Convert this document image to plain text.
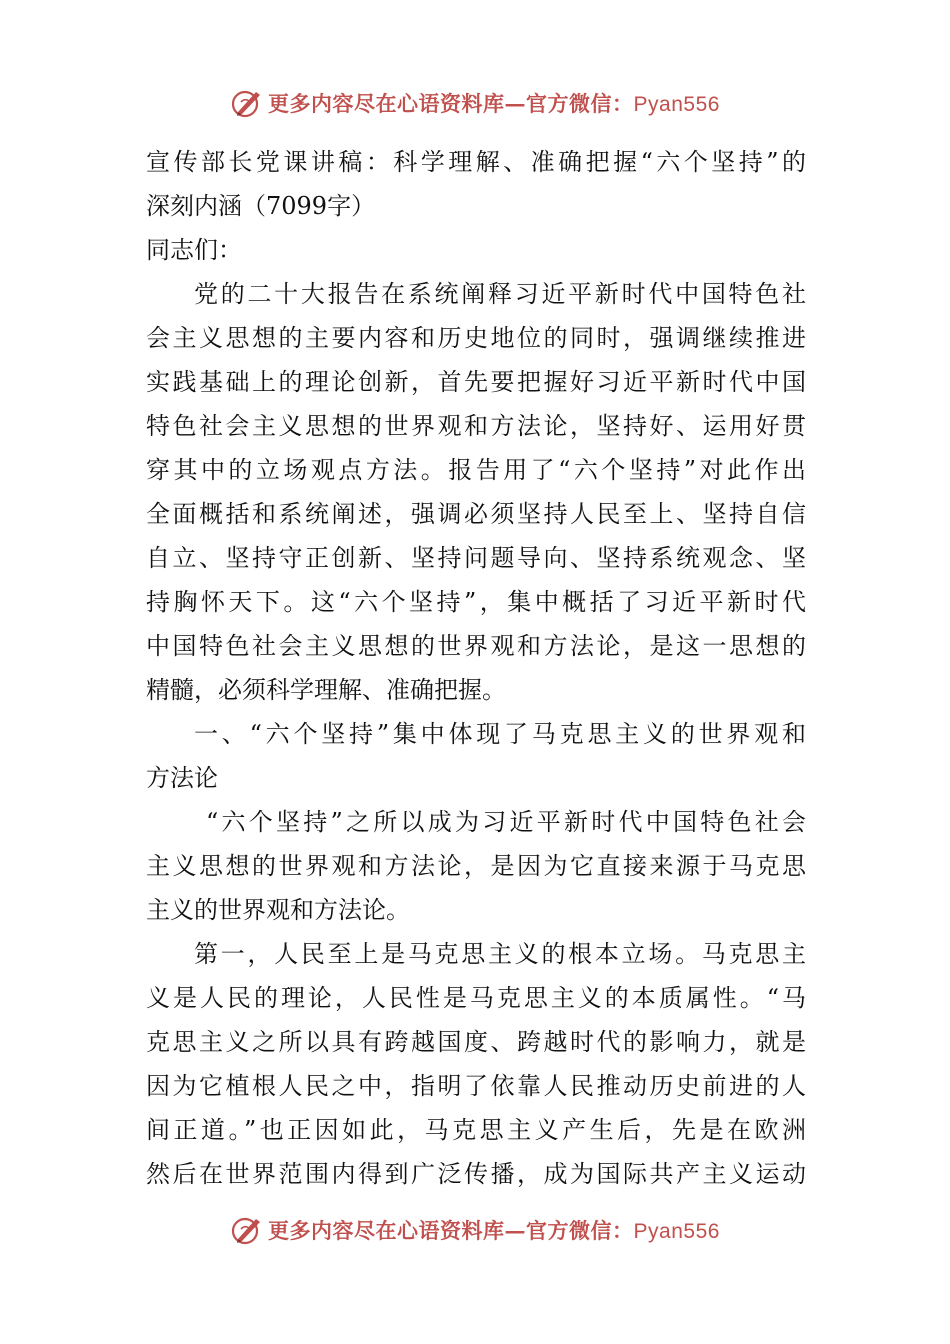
更多内容尽在心语资料库—官方微信：Pyan556
宣传部长党课讲稿：科学理解、准确把握“六个坚持”的
深刻内涵（7099字）
同志们：
党的二十大报告在系统阐释习近平新时代中国特色社
会主义思想的主要内容和历史地位的同时，强调继续推进
实践基础上的理论创新，首先要把握好习近平新时代中国
特色社会主义思想的世界观和方法论，坚持好、运用好贯
穿其中的立场观点方法。报告用了“六个坚持”对此作出
全面概括和系统阐述，强调必须坚持人民至上、坚持自信
自立、坚持守正创新、坚持问题导向、坚持系统观念、坚
持胸怀天下。这“六个坚持”，集中概括了习近平新时代
中国特色社会主义思想的世界观和方法论，是这一思想的
精髓，必须科学理解、准确把握。
一、“六个坚持”集中体现了马克思主义的世界观和
方法论
“六个坚持”之所以成为习近平新时代中国特色社会
主义思想的世界观和方法论，是因为它直接来源于马克思
主义的世界观和方法论。
第一，人民至上是马克思主义的根本立场。马克思主
义是人民的理论，人民性是马克思主义的本质属性。“马
克思主义之所以具有跨越国度、跨越时代的影响力，就是
因为它植根人民之中，指明了依靠人民推动历史前进的人
间正道。”也正因如此，马克思主义产生后，先是在欧洲
然后在世界范围内得到广泛传播，成为国际共产主义运动
更多内容尽在心语资料库—官方微信：Pyan556
